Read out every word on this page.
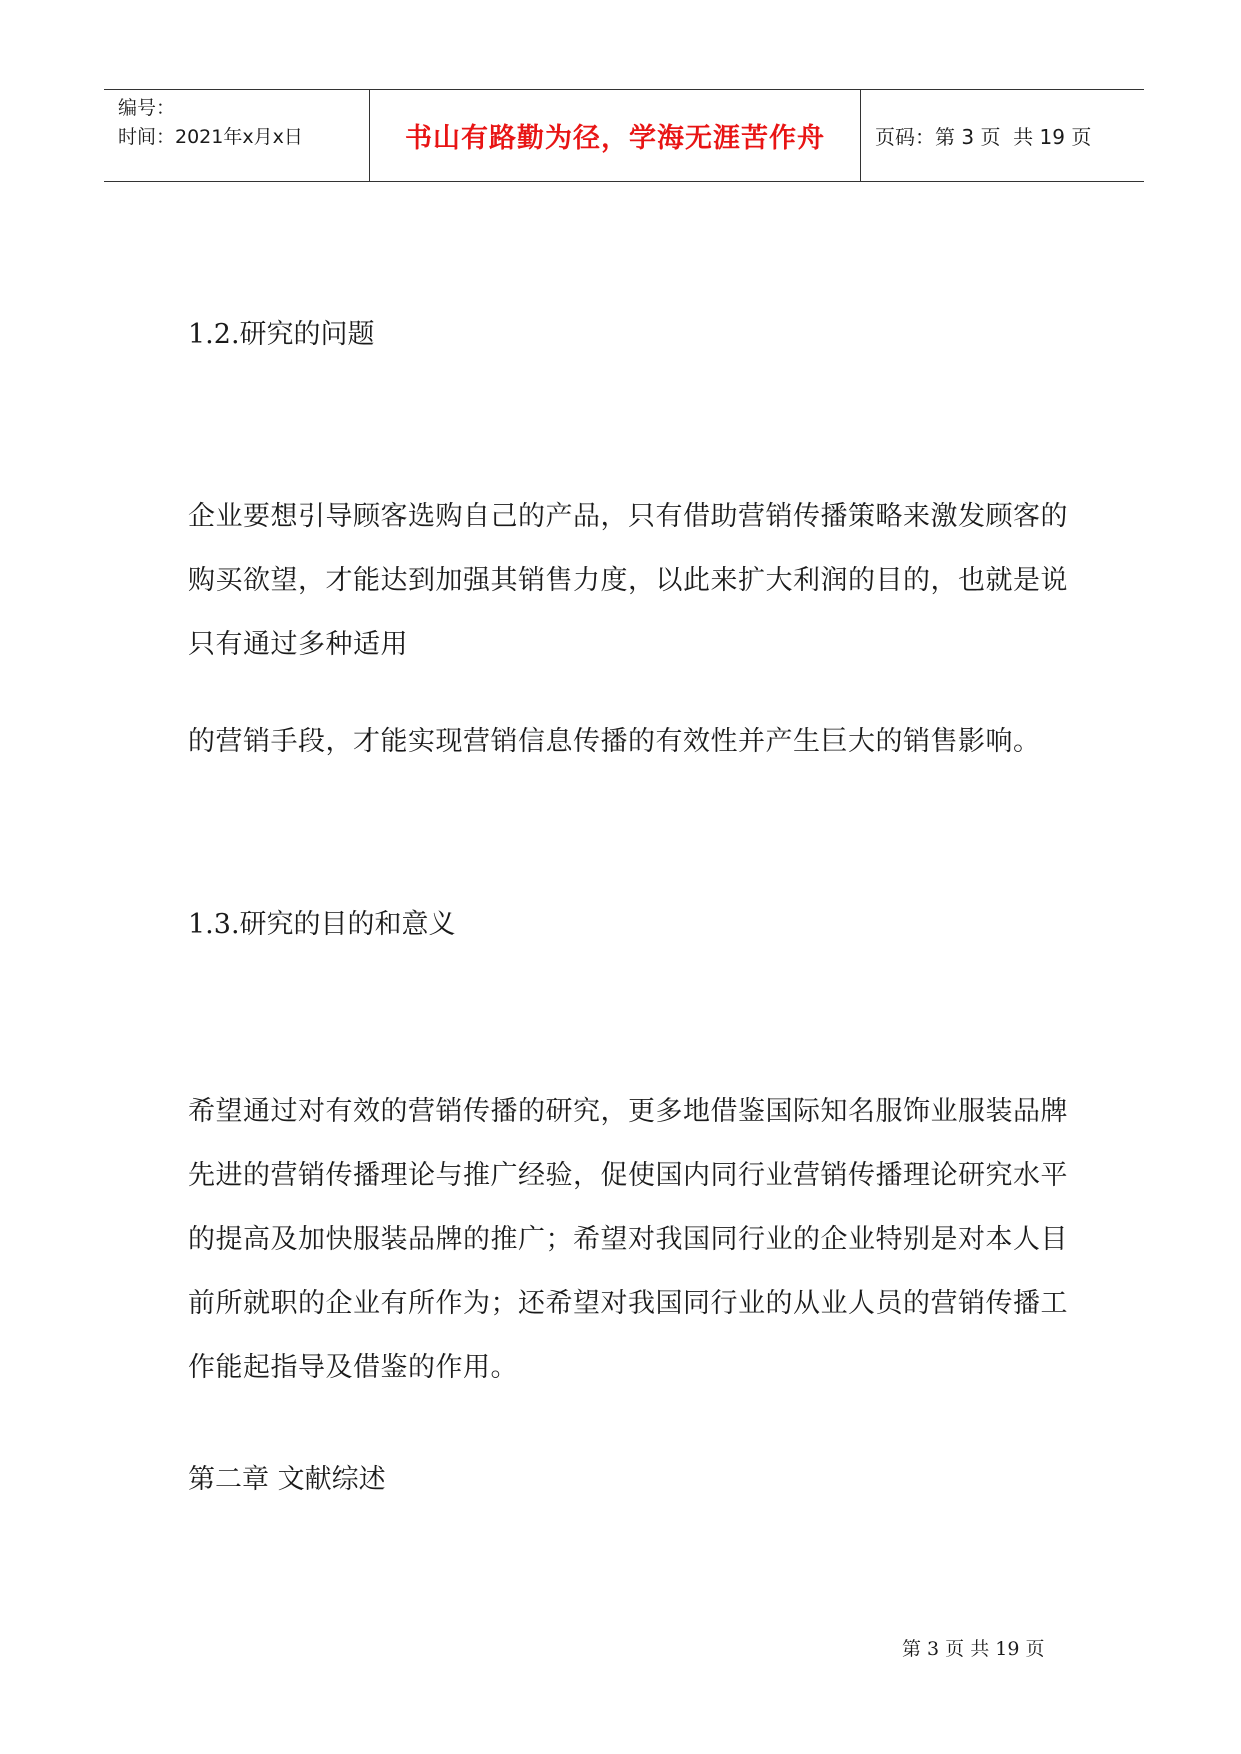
编号：
时间：2021年x月x日	书山有路勤为径，学海无涯苦作舟	页码：第 3 页  共 19 页
1.2.研究的问题
企业要想引导顾客选购自己的产品，只有借助营销传播策略来激发顾客的购买欲望，才能达到加强其销售力度，以此来扩大利润的目的，也就是说只有通过多种适用
的营销手段，才能实现营销信息传播的有效性并产生巨大的销售影响。
1.3.研究的目的和意义
希望通过对有效的营销传播的研究，更多地借鉴国际知名服饰业服装品牌先进的营销传播理论与推广经验，促使国内同行业营销传播理论研究水平的提高及加快服装品牌的推广；希望对我国同行业的企业特别是对本人目前所就职的企业有所作为；还希望对我国同行业的从业人员的营销传播工作能起指导及借鉴的作用。
第二章 文献综述
第 3 页 共 19 页
